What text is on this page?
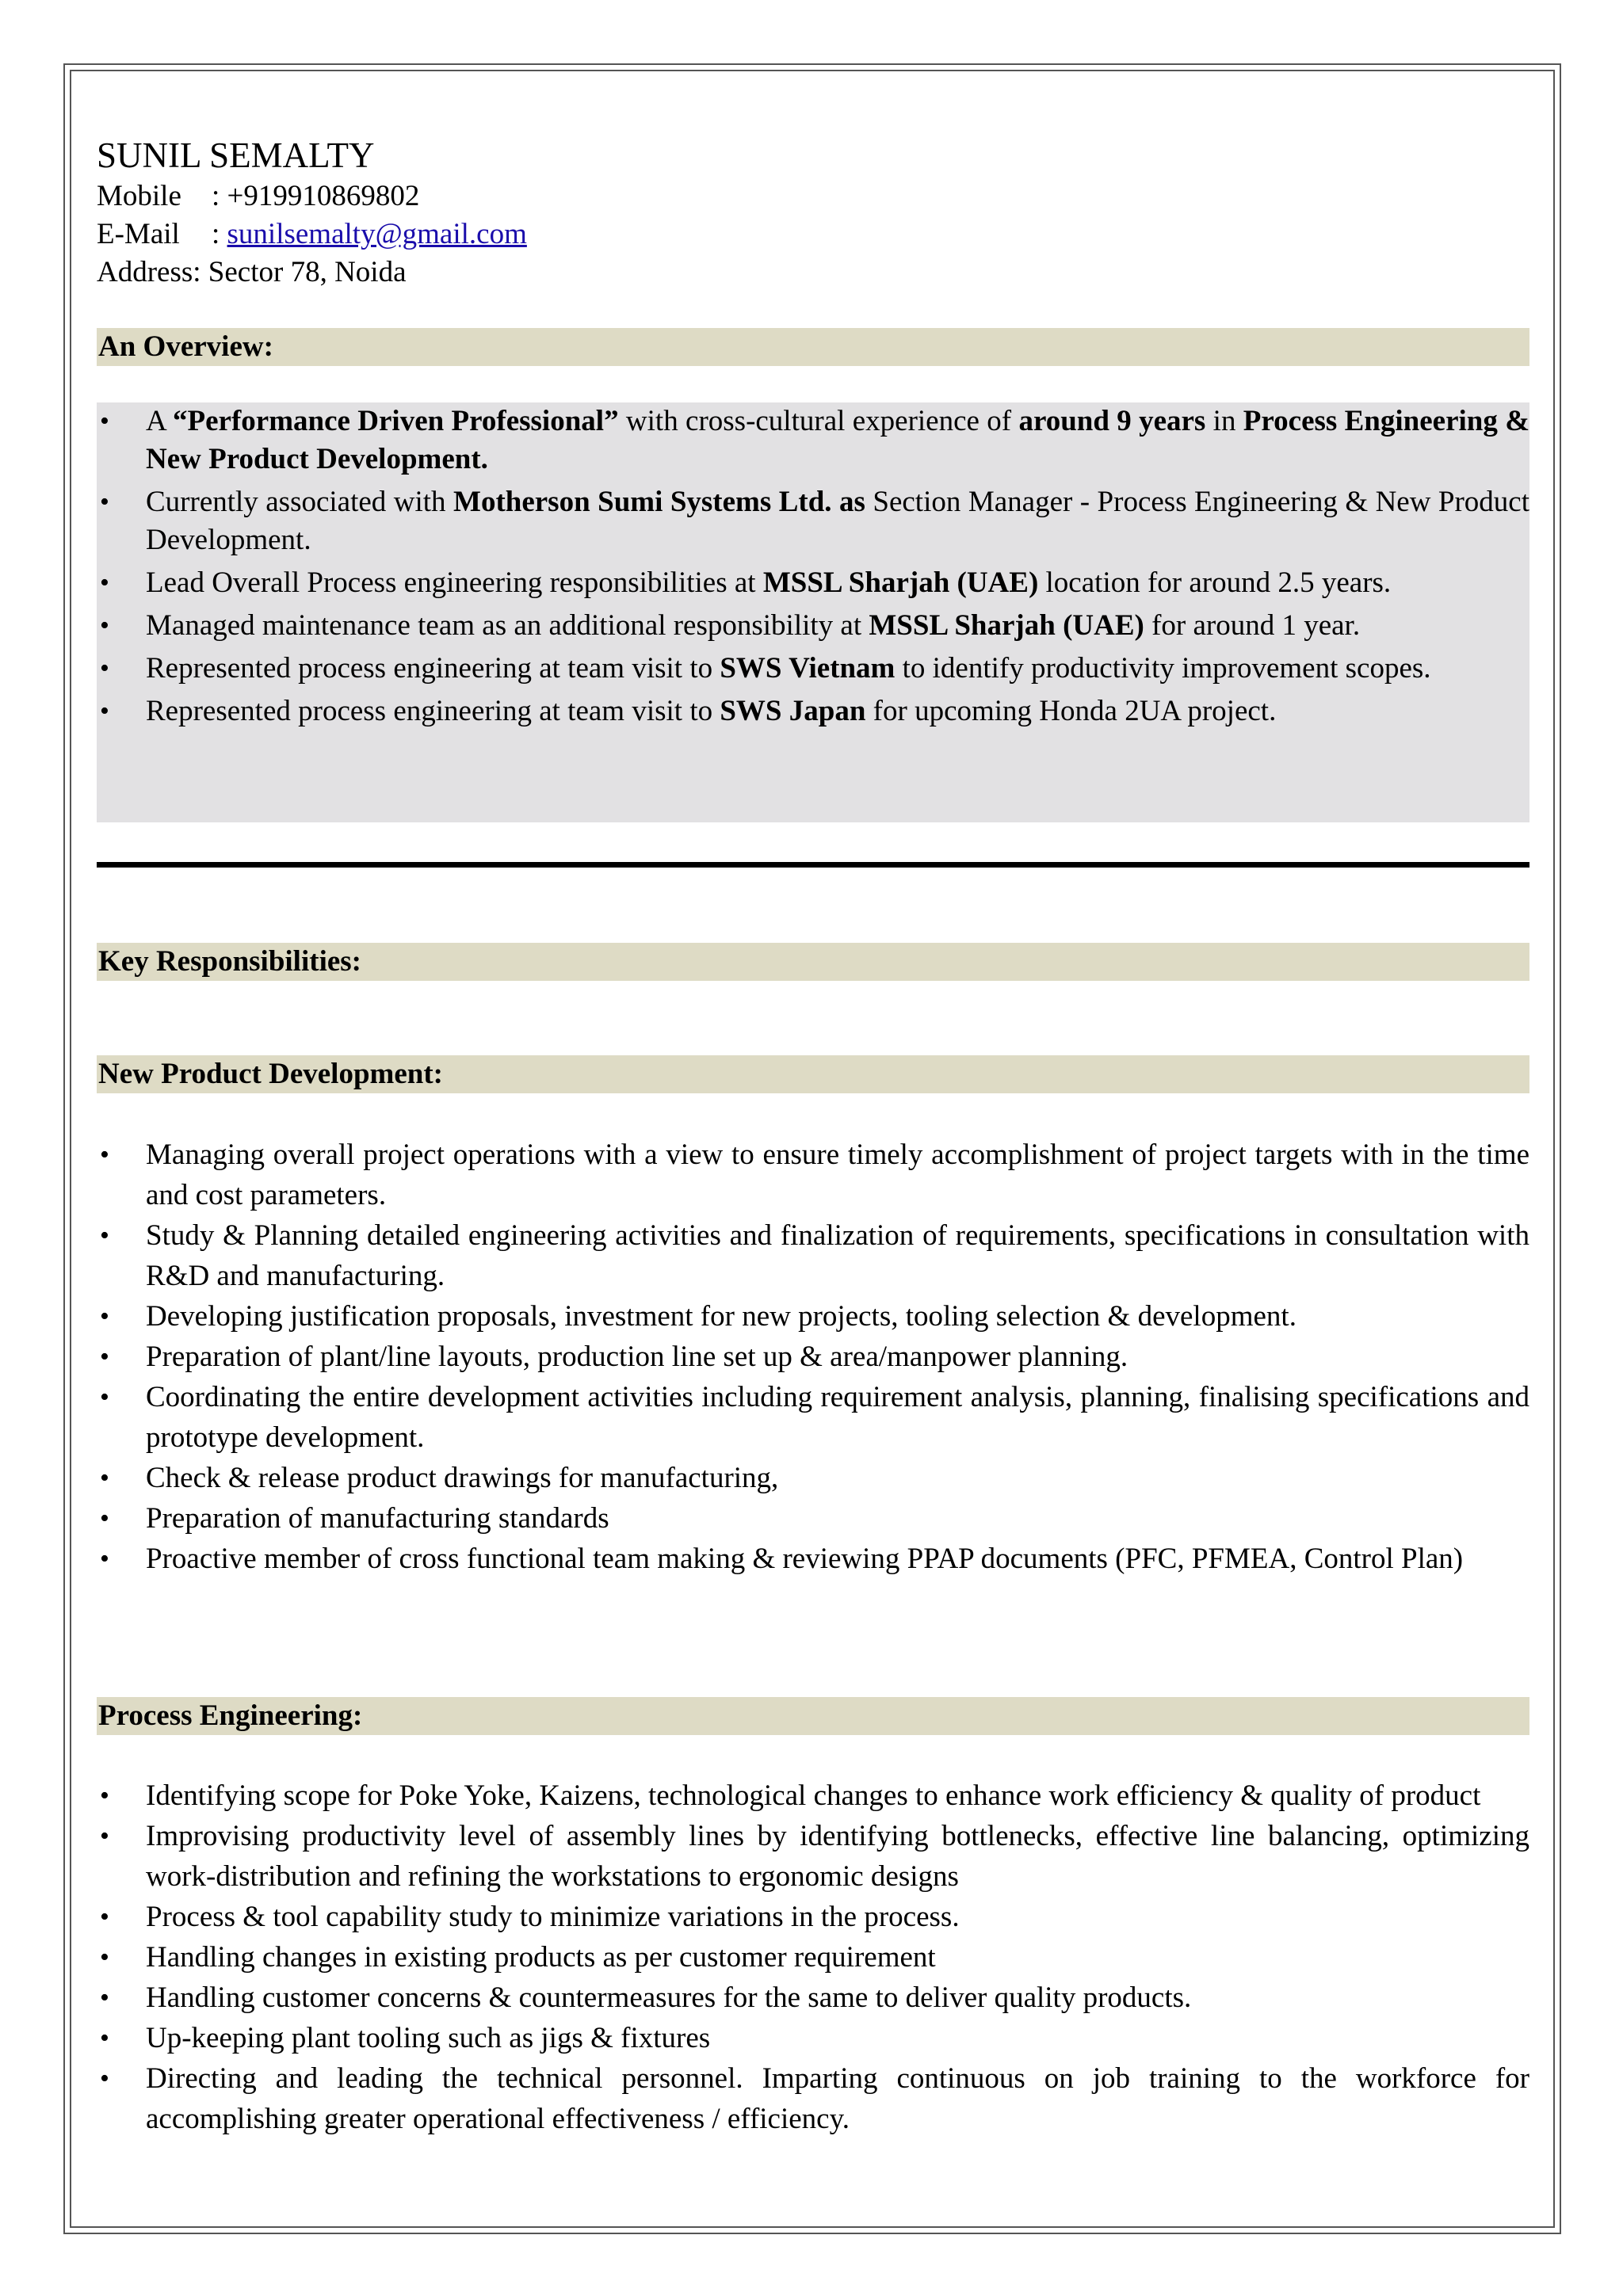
SUNIL SEMALTY
Mobile : +919910869802
E-Mail : sunilsemalty@gmail.com
Address: Sector 78, Noida
An Overview:
• A “Performance Driven Professional” with cross-cultural experience of around 9 years in Process Engineering & New Product Development.
• Currently associated with Motherson Sumi Systems Ltd. as Section Manager - Process Engineering & New Product Development.
• Lead Overall Process engineering responsibilities at MSSL Sharjah (UAE) location for around 2.5 years.
• Managed maintenance team as an additional responsibility at MSSL Sharjah (UAE) for around 1 year.
• Represented process engineering at team visit to SWS Vietnam to identify productivity improvement scopes.
• Represented process engineering at team visit to SWS Japan for upcoming Honda 2UA project.
Key Responsibilities:
New Product Development:
• Managing overall project operations with a view to ensure timely accomplishment of project targets with in the time and cost parameters.
• Study & Planning detailed engineering activities and finalization of requirements, specifications in consultation with R&D and manufacturing.
• Developing justification proposals, investment for new projects, tooling selection & development.
• Preparation of plant/line layouts, production line set up & area/manpower planning.
• Coordinating the entire development activities including requirement analysis, planning, finalising specifications and prototype development.
• Check & release product drawings for manufacturing,
• Preparation of manufacturing standards
• Proactive member of cross functional team making & reviewing PPAP documents (PFC, PFMEA, Control Plan)
Process Engineering:
• Identifying scope for Poke Yoke, Kaizens, technological changes to enhance work efficiency & quality of product
• Improvising productivity level of assembly lines by identifying bottlenecks, effective line balancing, optimizing work-distribution and refining the workstations to ergonomic designs
• Process & tool capability study to minimize variations in the process.
• Handling changes in existing products as per customer requirement
• Handling customer concerns & countermeasures for the same to deliver quality products.
• Up-keeping plant tooling such as jigs & fixtures
• Directing and leading the technical personnel. Imparting continuous on job training to the workforce for accomplishing greater operational effectiveness / efficiency.
